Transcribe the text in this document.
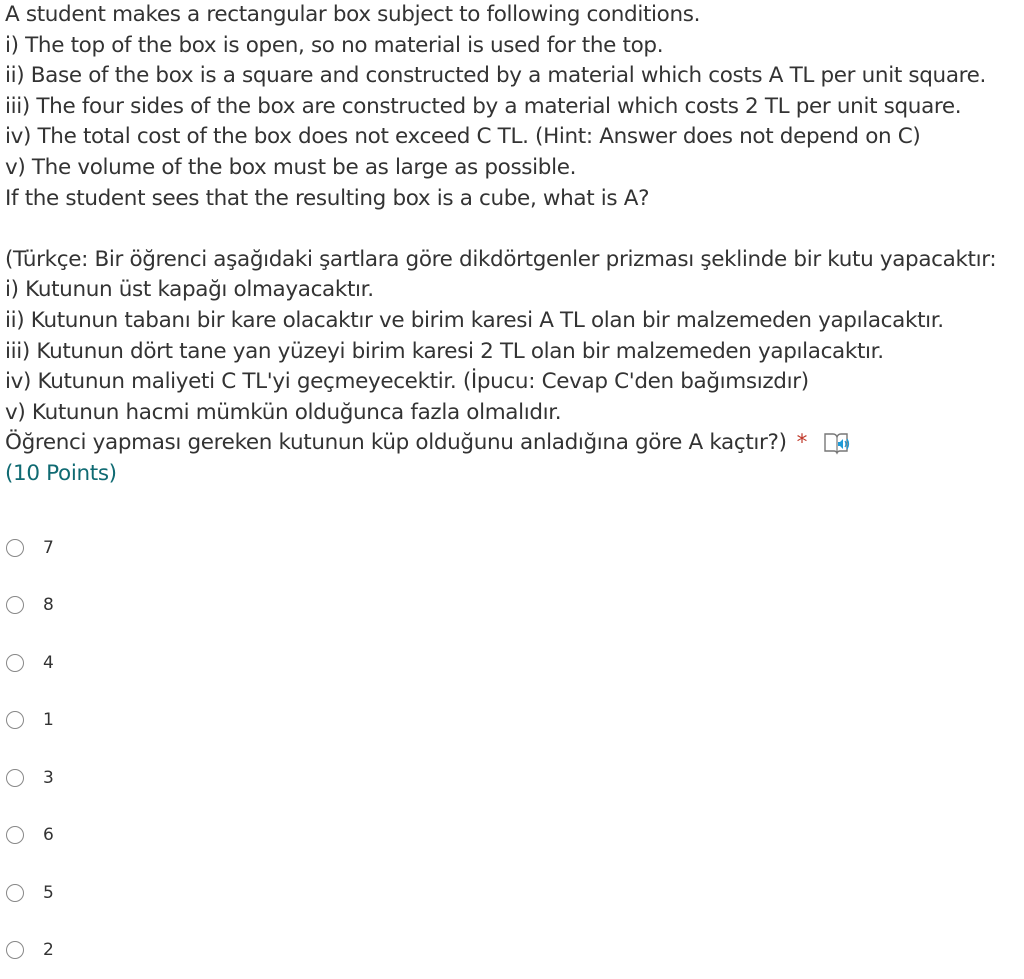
A student makes a rectangular box subject to following conditions.
i) The top of the box is open, so no material is used for the top.
ii) Base of the box is a square and constructed by a material which costs A TL per unit square.
iii) The four sides of the box are constructed by a material which costs 2 TL per unit square.
iv) The total cost of the box does not exceed C TL. (Hint: Answer does not depend on C)
v) The volume of the box must be as large as possible.
If the student sees that the resulting box is a cube, what is A?
(Türkçe: Bir öğrenci aşağıdaki şartlara göre dikdörtgenler prizması şeklinde bir kutu yapacaktır:
i) Kutunun üst kapağı olmayacaktır.
ii) Kutunun tabanı bir kare olacaktır ve birim karesi A TL olan bir malzemeden yapılacaktır.
iii) Kutunun dört tane yan yüzeyi birim karesi 2 TL olan bir malzemeden yapılacaktır.
iv) Kutunun maliyeti C TL'yi geçmeyecektir. (İpucu: Cevap C'den bağımsızdır)
v) Kutunun hacmi mümkün olduğunca fazla olmalıdır.
Öğrenci yapması gereken kutunun küp olduğunu anladığına göre A kaçtır?) *
(10 Points)
7
8
4
1
3
6
5
2
